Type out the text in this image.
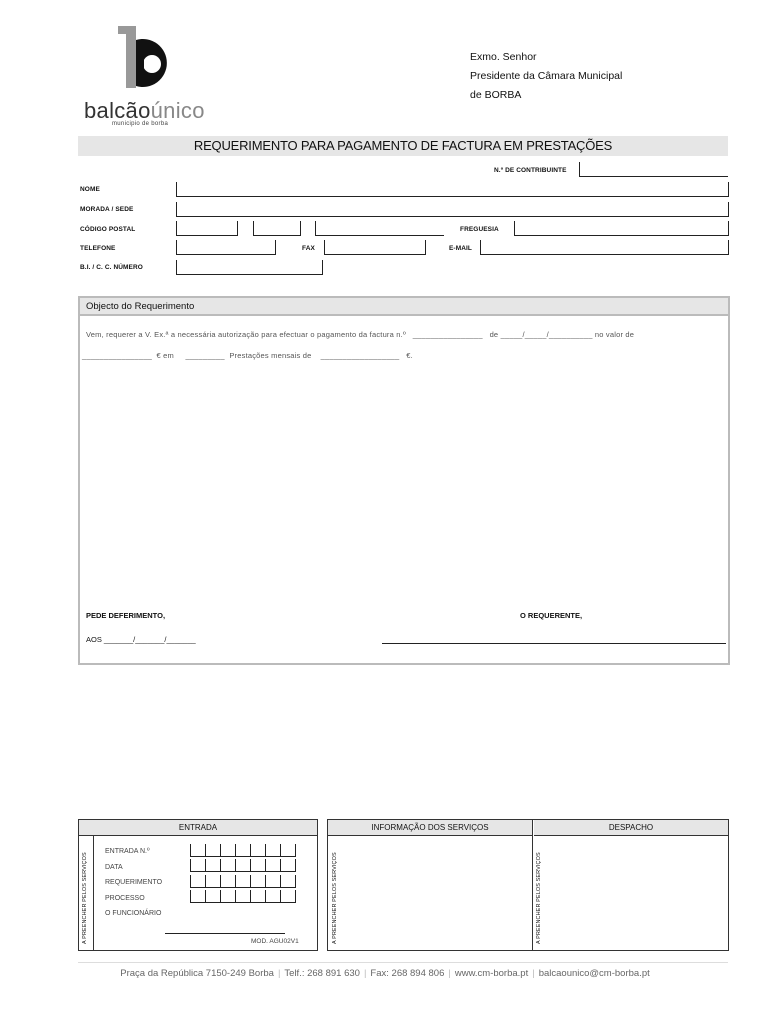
balcãoúnico
municipio de borba
Exmo. Senhor
Presidente da Câmara Municipal
de BORBA
REQUERIMENTO PARA PAGAMENTO DE FACTURA EM PRESTAÇÕES
N.º DE CONTRIBUINTE
NOME
MORADA / SEDE
CÓDIGO POSTAL	FREGUESIA
TELEFONE	FAX	E-MAIL
B.I. / C. C. NÚMERO
Objecto do Requerimento
Vem, requerer a V. Ex.ª a necessária autorização para efectuar o pagamento da factura n.º ________________ de _____/_____/__________ no valor de
________________ € em _________ Prestações mensais de __________________ €.
PEDE DEFERIMENTO,	O REQUERENTE,
AOS _______/_______/_______
ENTRADA
A PREENCHER PELOS SERVIÇOS
ENTRADA N.º
DATA
REQUERIMENTO
PROCESSO
O FUNCIONÁRIO
MOD. AGU02V1
INFORMAÇÃO DOS SERVIÇOS	DESPACHO
A PREENCHER PELOS SERVIÇOS	A PREENCHER PELOS SERVIÇOS
Praça da República 7150-249 Borba | Telf.: 268 891 630 | Fax: 268 894 806 | www.cm-borba.pt | balcaounico@cm-borba.pt
